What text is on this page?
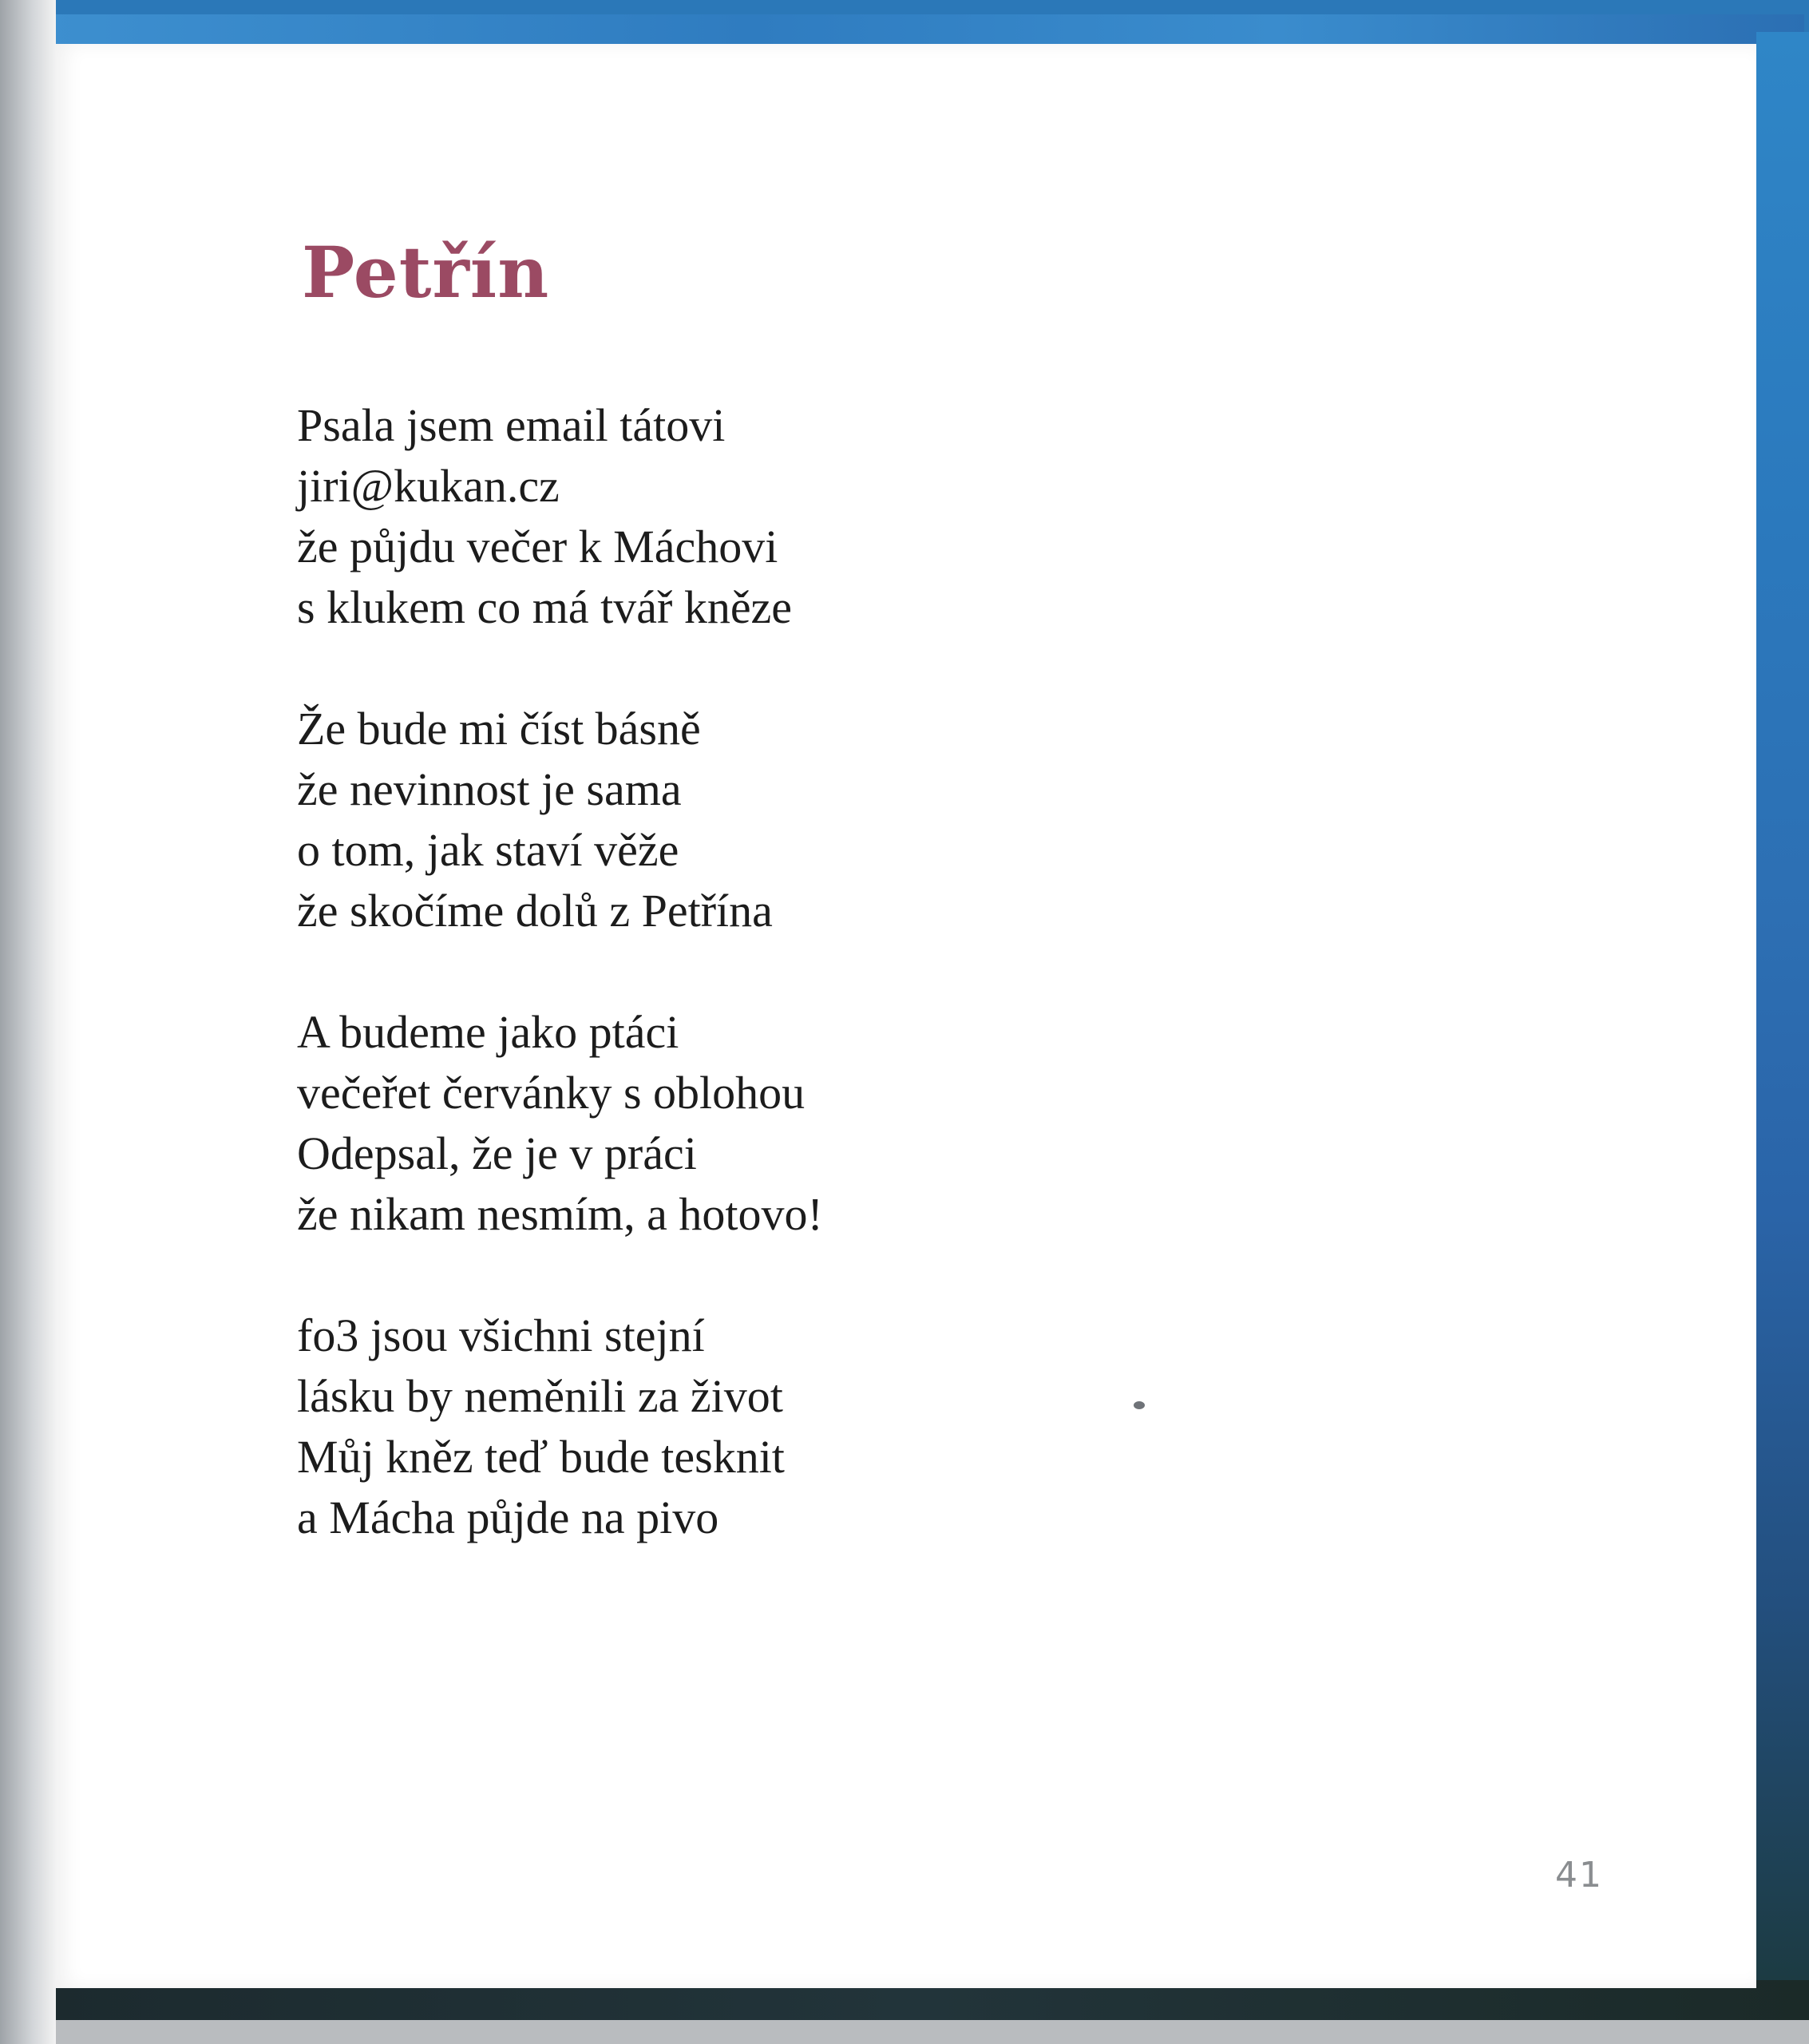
Petřín

Psala jsem email tátovi
jiri@kukan.cz
že půjdu večer k Máchovi
s klukem co má tvář kněze

Že bude mi číst básně
že nevinnost je sama
o tom, jak staví věže
že skočíme dolů z Petřína

A budeme jako ptáci
večeřet červánky s oblohou
Odepsal, že je v práci
že nikam nesmím, a hotovo!

fo3 jsou všichni stejní
lásku by neměnili za život
Můj kněz teď bude tesknit
a Mácha půjde na pivo

41
